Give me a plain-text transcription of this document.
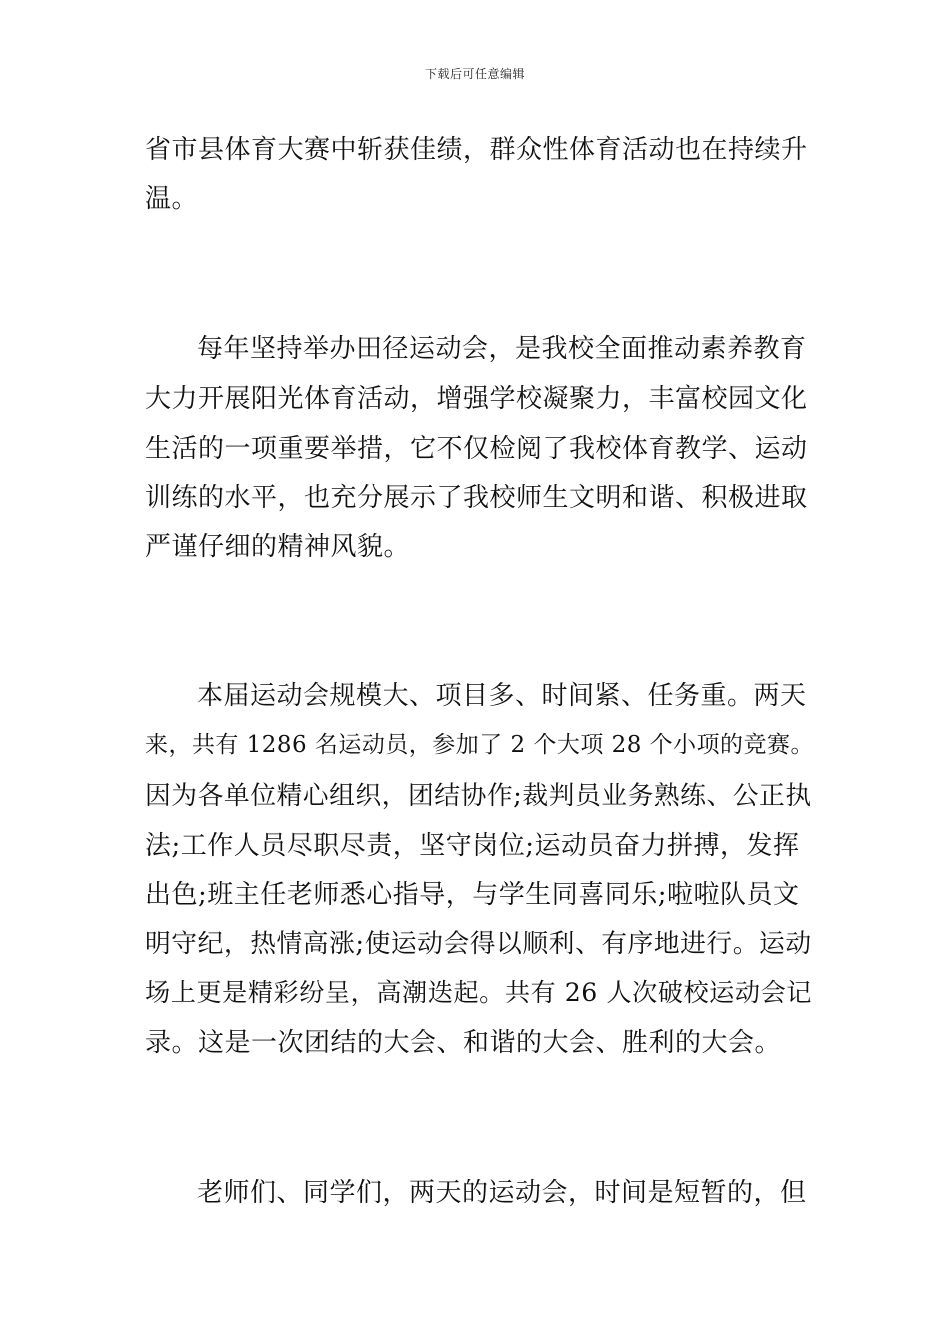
下载后可任意编辑
省市县体育大赛中斩获佳绩，群众性体育活动也在持续升
温。
每年坚持举办田径运动会，是我校全面推动素养教育
大力开展阳光体育活动，增强学校凝聚力，丰富校园文化
生活的一项重要举措，它不仅检阅了我校体育教学、运动
训练的水平，也充分展示了我校师生文明和谐、积极进取
严谨仔细的精神风貌。
本届运动会规模大、项目多、时间紧、任务重。两天
来，共有 1286 名运动员，参加了 2 个大项 28 个小项的竞赛。
因为各单位精心组织，团结协作;裁判员业务熟练、公正执
法;工作人员尽职尽责，坚守岗位;运动员奋力拼搏，发挥
出色;班主任老师悉心指导，与学生同喜同乐;啦啦队员文
明守纪，热情高涨;使运动会得以顺利、有序地进行。运动
场上更是精彩纷呈，高潮迭起。共有 26 人次破校运动会记
录。这是一次团结的大会、和谐的大会、胜利的大会。
老师们、同学们，两天的运动会，时间是短暂的，但
